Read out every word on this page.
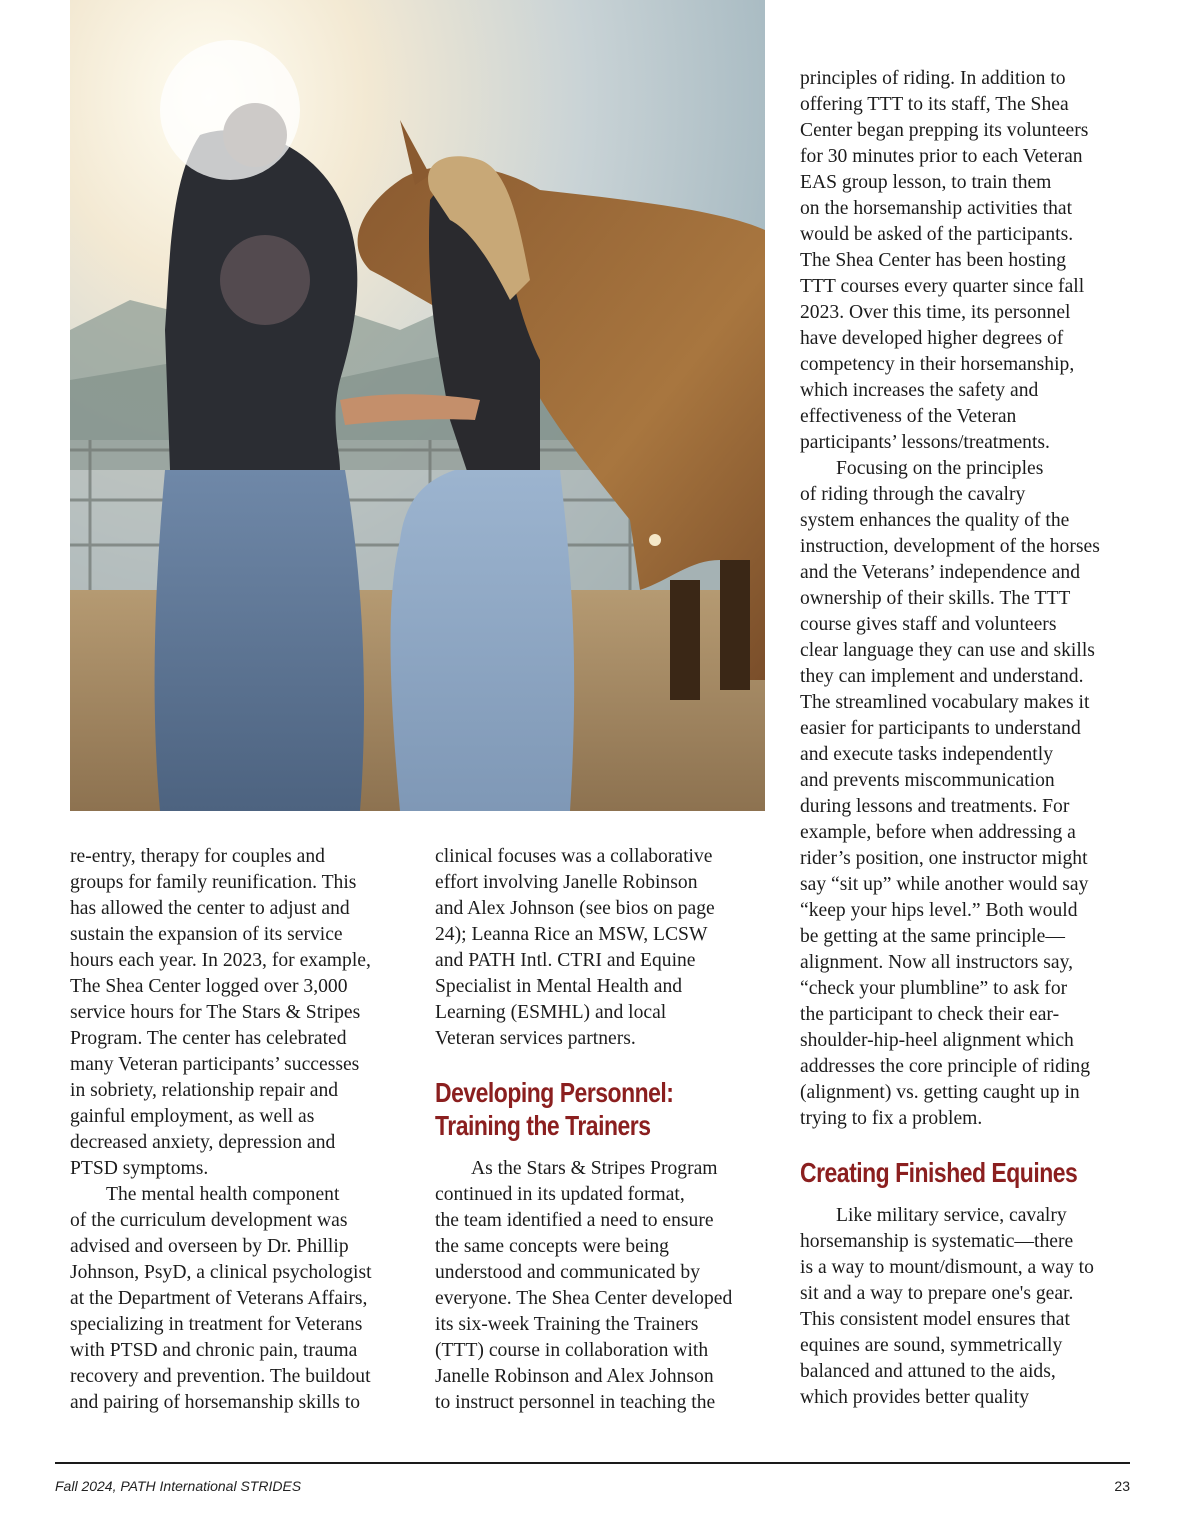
re-entry, therapy for couples and
groups for family reunification. This
has allowed the center to adjust and
sustain the expansion of its service
hours each year. In 2023, for example,
The Shea Center logged over 3,000
service hours for The Stars & Stripes
Program. The center has celebrated
many Veteran participants’ successes
in sobriety, relationship repair and
gainful employment, as well as
decreased anxiety, depression and
PTSD symptoms.

The mental health component
of the curriculum development was
advised and overseen by Dr. Phillip
Johnson, PsyD, a clinical psychologist
at the Department of Veterans Affairs,
specializing in treatment for Veterans
with PTSD and chronic pain, trauma
recovery and prevention. The buildout
and pairing of horsemanship skills to

clinical focuses was a collaborative
effort involving Janelle Robinson
and Alex Johnson (see bios on page
24); Leanna Rice an MSW, LCSW
and PATH Intl. CTRI and Equine
Specialist in Mental Health and
Learning (ESMHL) and local
Veteran services partners.

Developing Personnel:
Training the Trainers

As the Stars & Stripes Program
continued in its updated format,
the team identified a need to ensure
the same concepts were being
understood and communicated by
everyone. The Shea Center developed
its six-week Training the Trainers
(TTT) course in collaboration with
Janelle Robinson and Alex Johnson
to instruct personnel in teaching the

principles of riding. In addition to
offering TTT to its staff, The Shea
Center began prepping its volunteers
for 30 minutes prior to each Veteran
EAS group lesson, to train them
on the horsemanship activities that
would be asked of the participants.
The Shea Center has been hosting
TTT courses every quarter since fall
2023. Over this time, its personnel
have developed higher degrees of
competency in their horsemanship,
which increases the safety and
effectiveness of the Veteran
participants’ lessons/treatments.

Focusing on the principles
of riding through the cavalry
system enhances the quality of the
instruction, development of the horses
and the Veterans’ independence and
ownership of their skills. The TTT
course gives staff and volunteers
clear language they can use and skills
they can implement and understand.
The streamlined vocabulary makes it
easier for participants to understand
and execute tasks independently
and prevents miscommunication
during lessons and treatments. For
example, before when addressing a
rider’s position, one instructor might
say “sit up” while another would say
“keep your hips level.” Both would
be getting at the same principle—
alignment. Now all instructors say,
“check your plumbline” to ask for
the participant to check their ear-
shoulder-hip-heel alignment which
addresses the core principle of riding
(alignment) vs. getting caught up in
trying to fix a problem.

Creating Finished Equines

Like military service, cavalry
horsemanship is systematic—there
is a way to mount/dismount, a way to
sit and a way to prepare one's gear.
This consistent model ensures that
equines are sound, symmetrically
balanced and attuned to the aids,
which provides better quality

Fall 2024, PATH International STRIDES	23
